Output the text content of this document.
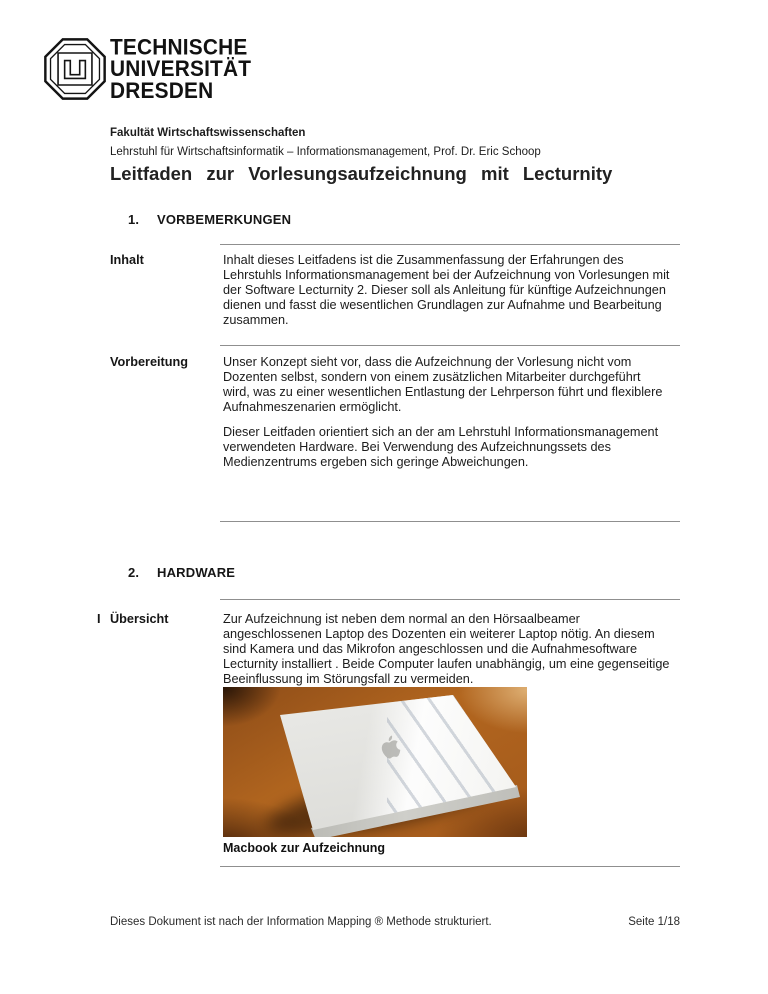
TECHNISCHE
UNIVERSITÄT
DRESDEN
Fakultät Wirtschaftswissenschaften
Lehrstuhl für Wirtschaftsinformatik – Informationsmanagement, Prof. Dr. Eric Schoop
Leitfaden zur Vorlesungsaufzeichnung mit Lecturnity
1. VORBEMERKUNGEN
Inhalt	Inhalt dieses Leitfadens ist die Zusammenfassung der Erfahrungen des Lehrstuhls Informationsmanagement bei der Aufzeichnung von Vorlesungen mit der Software Lecturnity 2. Dieser soll als Anleitung für künftige Aufzeichnungen dienen und fasst die wesentlichen Grundlagen zur Aufnahme und Bearbeitung zusammen.

Vorbereitung	Unser Konzept sieht vor, dass die Aufzeichnung der Vorlesung nicht vom Dozenten selbst, sondern von einem zusätzlichen Mitarbeiter durchgeführt wird, was zu einer wesentlichen Entlastung der Lehrperson führt und flexiblere Aufnahmeszenarien ermöglicht.

Dieser Leitfaden orientiert sich an der am Lehrstuhl Informationsmanagement verwendeten Hardware. Bei Verwendung des Aufzeichnungssets des Medienzentrums ergeben sich geringe Abweichungen.

2. HARDWARE
I Übersicht	Zur Aufzeichnung ist neben dem normal an den Hörsaalbeamer angeschlossenen Laptop des Dozenten ein weiterer Laptop nötig. An diesem sind Kamera und das Mikrofon angeschlossen und die Aufnahmesoftware Lecturnity installiert . Beide Computer laufen unabhängig, um eine gegenseitige Beeinflussung im Störungsfall zu vermeiden.

Macbook zur Aufzeichnung
Dieses Dokument ist nach der Information Mapping ® Methode strukturiert.	Seite 1/18
